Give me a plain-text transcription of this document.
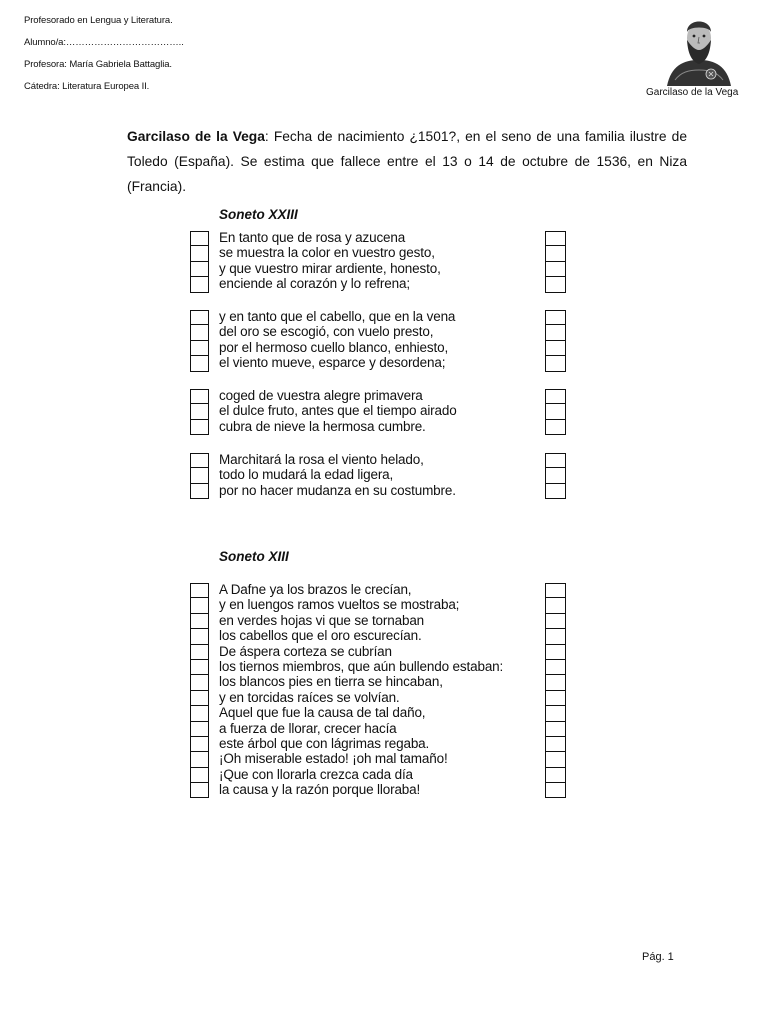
Profesorado en Lengua y Literatura.
Alumno/a:………………………………..
Profesora: María Gabriela Battaglia.
Cátedra: Literatura Europea II.
Garcilaso de la Vega
Garcilaso de la Vega: Fecha de nacimiento ¿1501?, en el seno de una familia ilustre de Toledo (España). Se estima que fallece entre el 13 o 14 de octubre de 1536, en Niza (Francia).
Soneto XXIII
En tanto que de rosa y azucena
se muestra la color en vuestro gesto,
y que vuestro mirar ardiente, honesto,
enciende al corazón y lo refrena;
y en tanto que el cabello, que en la vena
del oro se escogió, con vuelo presto,
por el hermoso cuello blanco, enhiesto,
el viento mueve, esparce y desordena;
coged de vuestra alegre primavera
el dulce fruto, antes que el tiempo airado
cubra de nieve la hermosa cumbre.
Marchitará la rosa el viento helado,
todo lo mudará la edad ligera,
por no hacer mudanza en su costumbre.
Soneto XIII
A Dafne ya los brazos le crecían,
y en luengos ramos vueltos se mostraba;
en verdes hojas vi que se tornaban
los cabellos que el oro escurecían.
De áspera corteza se cubrían
los tiernos miembros, que aún bullendo estaban:
los blancos pies en tierra se hincaban,
y en torcidas raíces se volvían.
Aquel que fue la causa de tal daño,
a fuerza de llorar, crecer hacía
este árbol que con lágrimas regaba.
¡Oh miserable estado! ¡oh mal tamaño!
¡Que con llorarla crezca cada día
la causa y la razón porque lloraba!
Pág. 1
